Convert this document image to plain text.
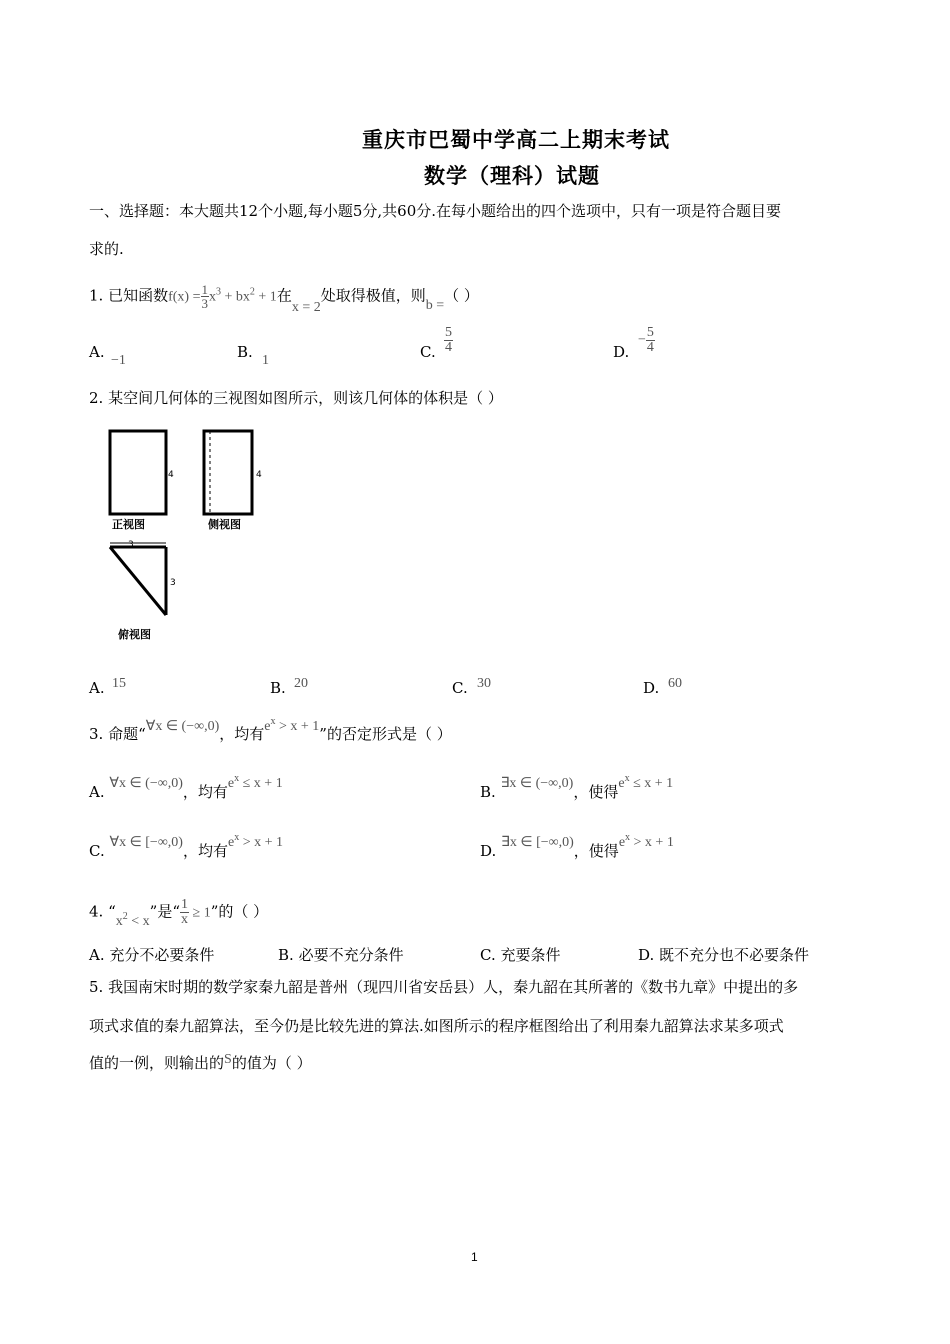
重庆市巴蜀中学高二上期末考试
数学（理科）试题
一、选择题：本大题共12个小题,每小题5分,共60分.在每小题给出的四个选项中，只有一项是符合题目要
求的.
1. 已知函数$f(x) = \frac{1}{3} x^3 + bx^2 + 1$在x = 2处取得极值，则b =（ ）
A. −1	B. 1	C. $\frac{5}{4}$	D.
− $\frac{5}{4}$
2. 某空间几何体的三视图如图所示，则该几何体的体积是（ ）
4
正视图
4
侧视图
3
3
俯视图
A. 15	B. 20	C. 30	D. 60
3. 命题“∀x ∈ (−∞,0)，均有$e^x > x + 1$”的否定形式是（ ）
A. ∀x ∈ (−∞,0)，均有$e^x \le x + 1$	B. ∃x ∈ (−∞,0)，使得$e^x \le x + 1$
C. ∀x ∈ [−∞,0)，均有$e^x > x + 1$	D. ∃x ∈ [−∞,0)，使得$e^x > x + 1$
4. “$x^2 < x$”是“ $\frac{1}{x} \ge 1$”的（ ）
A. 充分不必要条件	B. 必要不充分条件	C. 充要条件	D. 既不充分也不必要条件
5. 我国南宋时期的数学家秦九韶是普州（现四川省安岳县）人，秦九韶在其所著的《数书九章》中提出的多
项式求值的秦九韶算法，至今仍是比较先进的算法.如图所示的程序框图给出了利用秦九韶算法求某多项式
值的一例，则输出的S的值为（ ）
1
